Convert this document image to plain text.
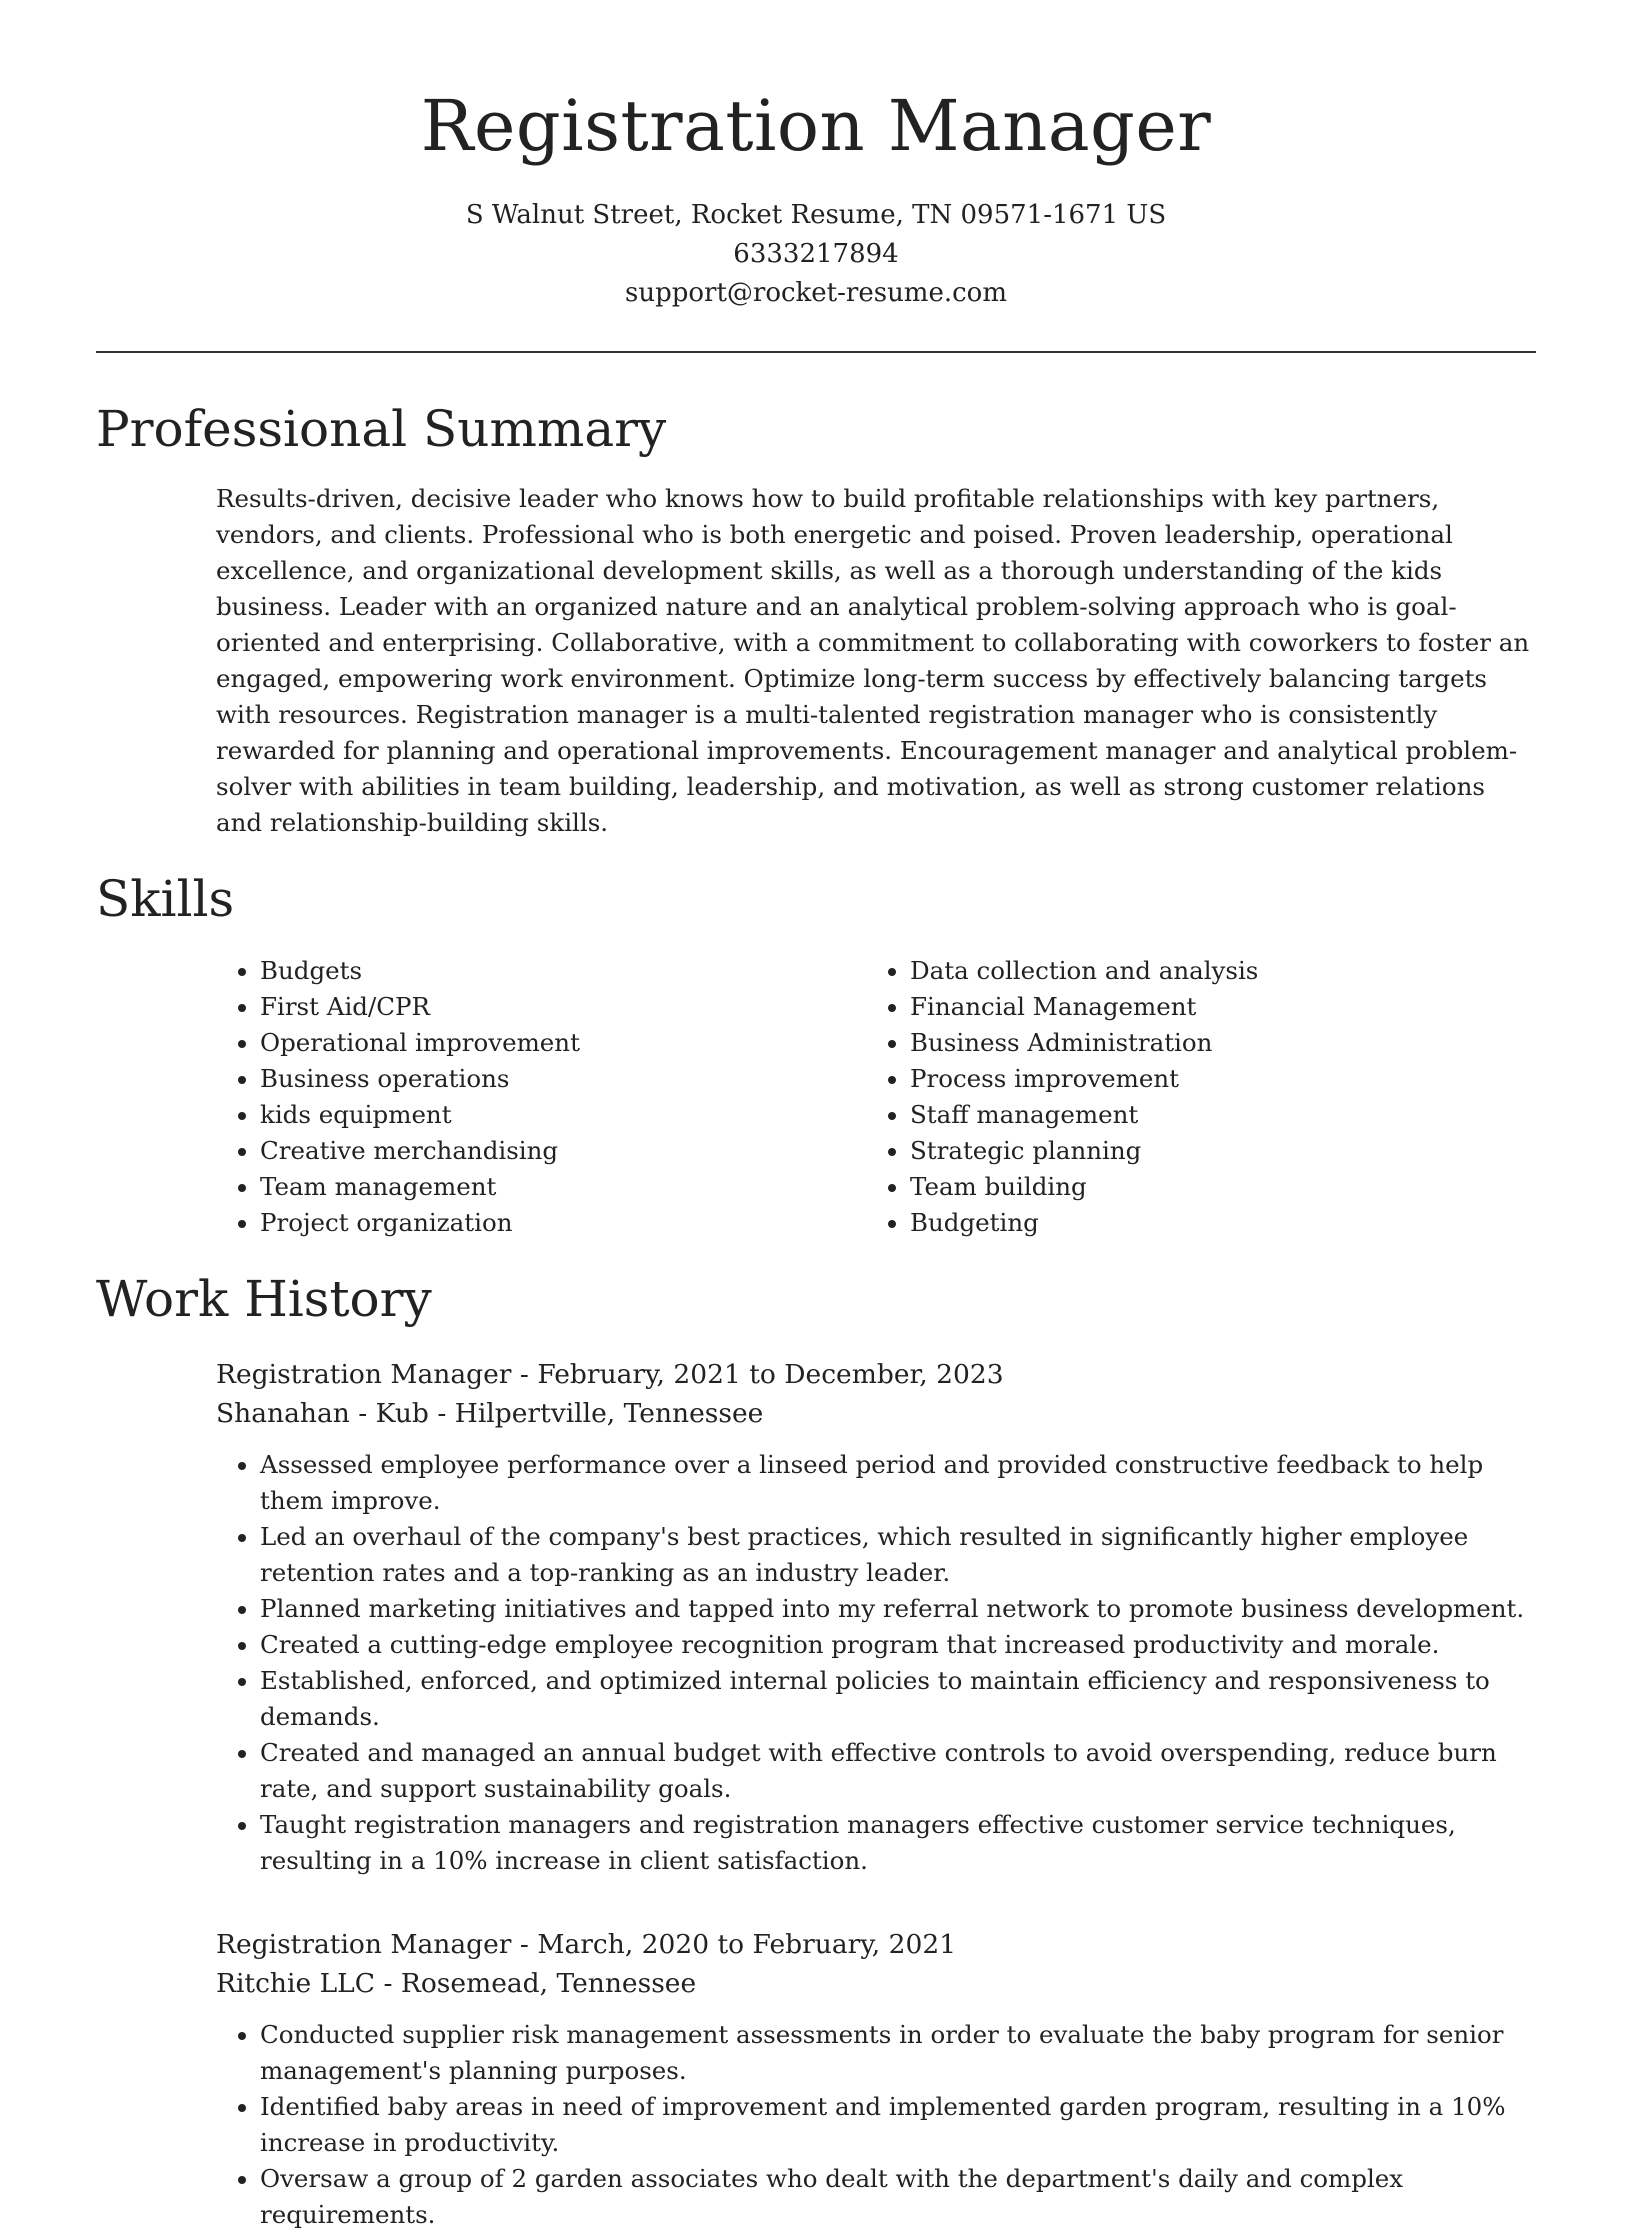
Registration Manager
S Walnut Street, Rocket Resume, TN 09571-1671 US
6333217894
support@rocket-resume.com
Professional Summary
Results-driven, decisive leader who knows how to build profitable relationships with key partners, vendors, and clients. Professional who is both energetic and poised. Proven leadership, operational excellence, and organizational development skills, as well as a thorough understanding of the kids business. Leader with an organized nature and an analytical problem-solving approach who is goal-oriented and enterprising. Collaborative, with a commitment to collaborating with coworkers to foster an engaged, empowering work environment. Optimize long-term success by effectively balancing targets with resources. Registration manager is a multi-talented registration manager who is consistently rewarded for planning and operational improvements. Encouragement manager and analytical problem-solver with abilities in team building, leadership, and motivation, as well as strong customer relations and relationship-building skills.
Skills
• Budgets
• First Aid/CPR
• Operational improvement
• Business operations
• kids equipment
• Creative merchandising
• Team management
• Project organization
• Data collection and analysis
• Financial Management
• Business Administration
• Process improvement
• Staff management
• Strategic planning
• Team building
• Budgeting
Work History
Registration Manager - February, 2021 to December, 2023
Shanahan - Kub - Hilpertville, Tennessee
• Assessed employee performance over a linseed period and provided constructive feedback to help them improve.
• Led an overhaul of the company's best practices, which resulted in significantly higher employee retention rates and a top-ranking as an industry leader.
• Planned marketing initiatives and tapped into my referral network to promote business development.
• Created a cutting-edge employee recognition program that increased productivity and morale.
• Established, enforced, and optimized internal policies to maintain efficiency and responsiveness to demands.
• Created and managed an annual budget with effective controls to avoid overspending, reduce burn rate, and support sustainability goals.
• Taught registration managers and registration managers effective customer service techniques, resulting in a 10% increase in client satisfaction.
Registration Manager - March, 2020 to February, 2021
Ritchie LLC - Rosemead, Tennessee
• Conducted supplier risk management assessments in order to evaluate the baby program for senior management's planning purposes.
• Identified baby areas in need of improvement and implemented garden program, resulting in a 10% increase in productivity.
• Oversaw a group of 2 garden associates who dealt with the department's daily and complex requirements.
